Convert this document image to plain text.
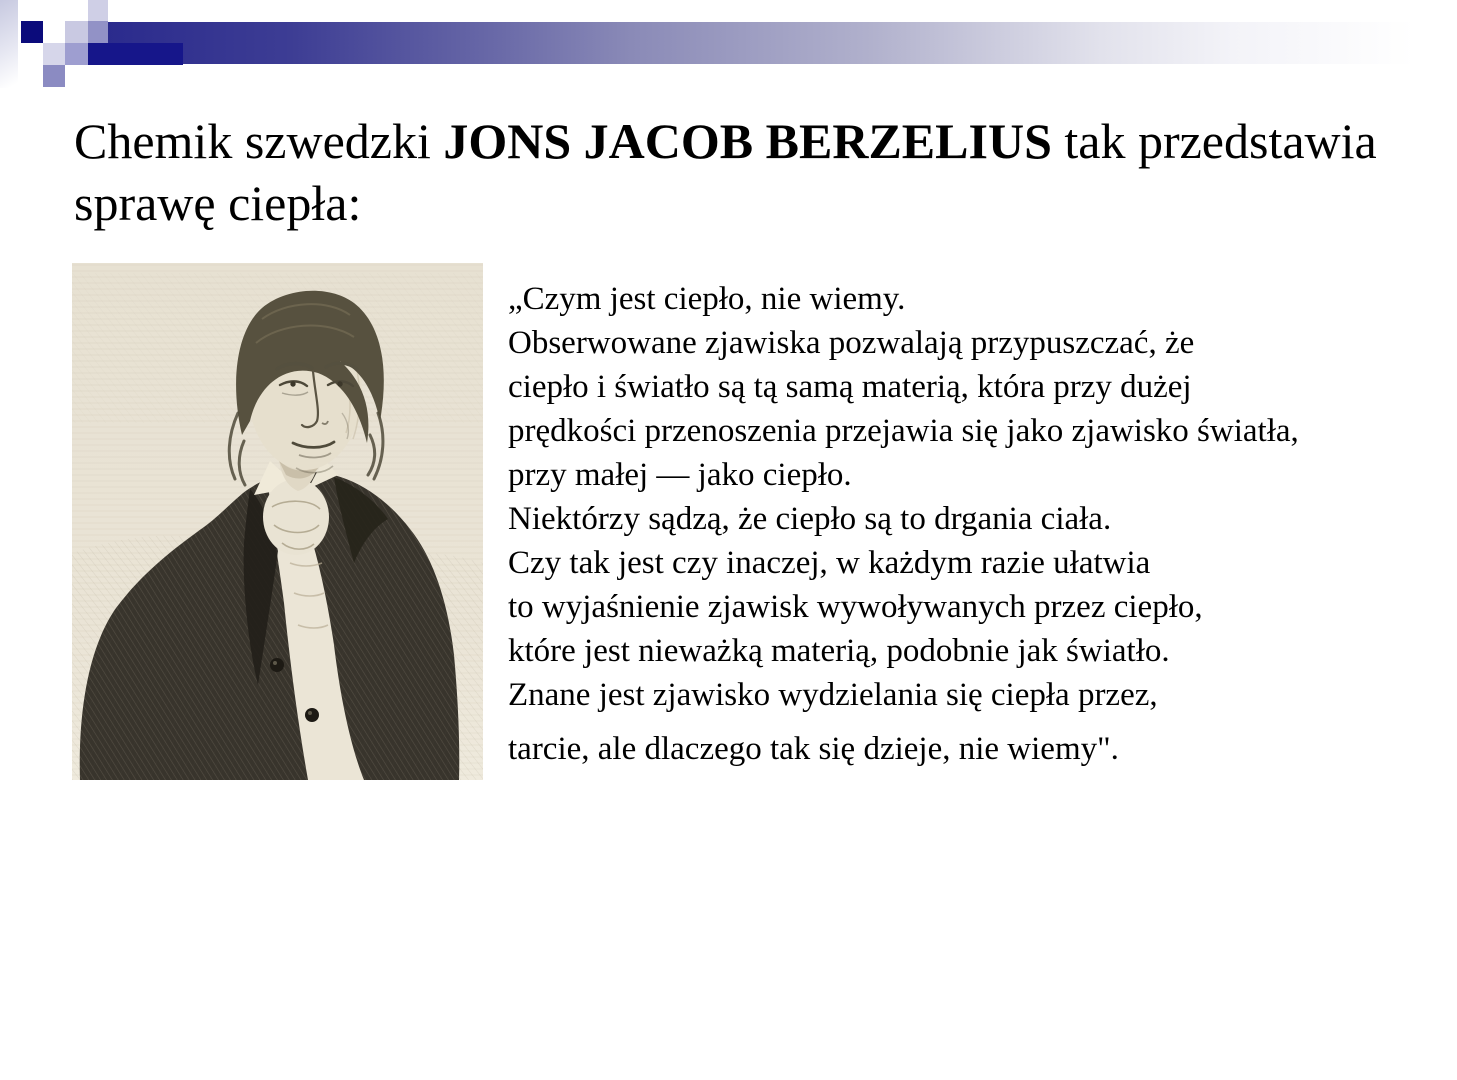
Chemik szwedzki JONS JACOB BERZELIUS tak przedstawia
sprawę ciepła:
„Czym jest ciepło, nie wiemy.
Obserwowane zjawiska pozwalają przypuszczać, że
ciepło i światło są tą samą materią, która przy dużej
prędkości przenoszenia przejawia się jako zjawisko światła,
przy małej — jako ciepło.
Niektórzy sądzą, że ciepło są to drgania ciała.
Czy tak jest czy inaczej, w każdym razie ułatwia
to wyjaśnienie zjawisk wywoływanych przez ciepło,
które jest nieważką materią, podobnie jak światło.
Znane jest zjawisko wydzielania się ciepła przez,
tarcie, ale dlaczego tak się dzieje, nie wiemy".
